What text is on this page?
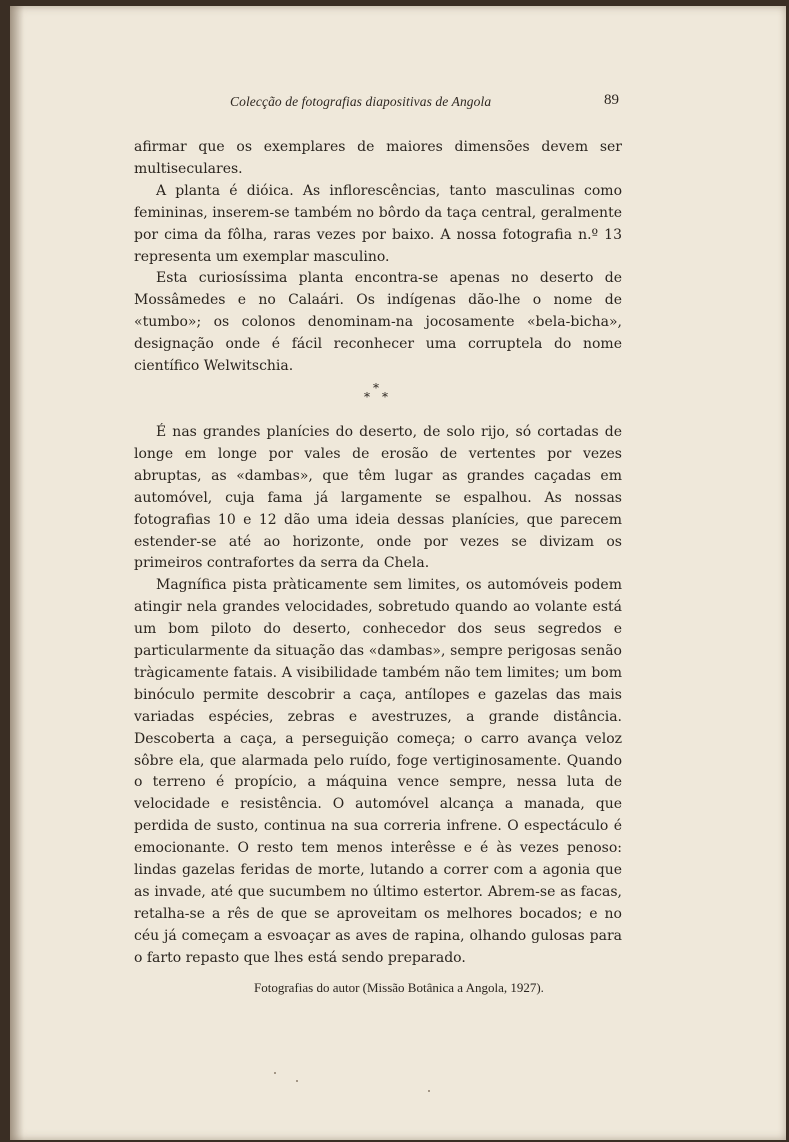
Colecção de fotografias diapositivas de Angola	89

afirmar que os exemplares de maiores dimensões devem ser multiseculares.

A planta é dióica. As inflorescências, tanto masculinas como femininas, inserem-se também no bôrdo da taça central, geralmente por cima da fôlha, raras vezes por baixo. A nossa fotografia n.º 13 representa um exemplar masculino.

Esta curiosíssima planta encontra-se apenas no deserto de Mossâmedes e no Calaári. Os indígenas dão-lhe o nome de «tumbo»; os colonos denominam-na jocosamente «bela-bicha», designação onde é fácil reconhecer uma corruptela do nome científico Welwitschia.

*
* *

É nas grandes planícies do deserto, de solo rijo, só cortadas de longe em longe por vales de erosão de vertentes por vezes abruptas, as «dambas», que têm lugar as grandes caçadas em automóvel, cuja fama já largamente se espalhou. As nossas fotografias 10 e 12 dão uma ideia dessas planícies, que parecem estender-se até ao horizonte, onde por vezes se divizam os primeiros contrafortes da serra da Chela.

Magnífica pista pràticamente sem limites, os automóveis podem atingir nela grandes velocidades, sobretudo quando ao volante está um bom piloto do deserto, conhecedor dos seus segredos e particularmente da situação das «dambas», sempre perigosas senão tràgicamente fatais. A visibilidade também não tem limites; um bom binóculo permite descobrir a caça, antílopes e gazelas das mais variadas espécies, zebras e avestruzes, a grande distância. Descoberta a caça, a perseguição começa; o carro avança veloz sôbre ela, que alarmada pelo ruído, foge vertiginosamente. Quando o terreno é propício, a máquina vence sempre, nessa luta de velocidade e resistência. O automóvel alcança a manada, que perdida de susto, continua na sua correria infrene. O espectáculo é emocionante. O resto tem menos interêsse e é às vezes penoso: lindas gazelas feridas de morte, lutando a correr com a agonia que as invade, até que sucumbem no último estertor. Abrem-se as facas, retalha-se a rês de que se aproveitam os melhores bocados; e no céu já começam a esvoaçar as aves de rapina, olhando gulosas para o farto repasto que lhes está sendo preparado.

Fotografias do autor (Missão Botânica a Angola, 1927).
